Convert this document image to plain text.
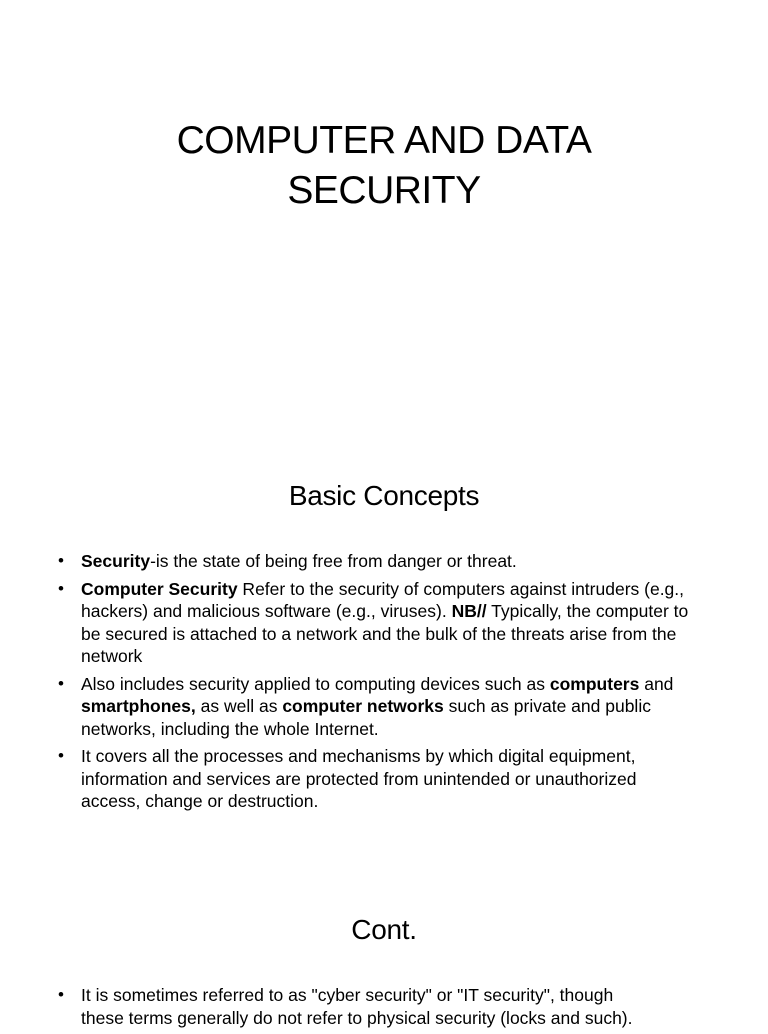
COMPUTER AND DATA
SECURITY
Basic Concepts
• Security-is the state of being free from danger or threat.
• Computer Security Refer to the security of computers against intruders (e.g., hackers) and malicious software (e.g., viruses). NB// Typically, the computer to be secured is attached to a network and the bulk of the threats arise from the network
• Also includes security applied to computing devices such as computers and smartphones, as well as computer networks such as private and public networks, including the whole Internet.
• It covers all the processes and mechanisms by which digital equipment, information and services are protected from unintended or unauthorized access, change or destruction.
Cont.
• It is sometimes referred to as "cyber security" or "IT security", though
these terms generally do not refer to physical security (locks and such).
